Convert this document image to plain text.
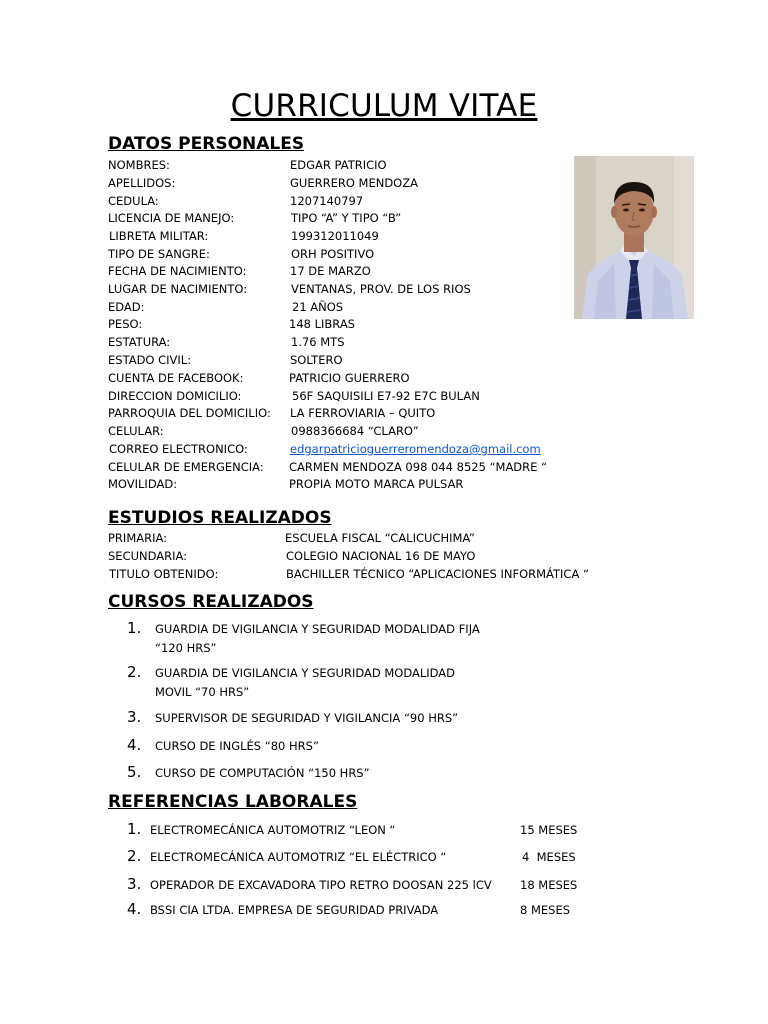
CURRICULUM VITAE
DATOS PERSONALES
NOMBRES:	EDGAR PATRICIO
APELLIDOS:	GUERRERO MENDOZA
CEDULA:	1207140797
LICENCIA DE MANEJO:	TIPO “A” Y TIPO “B”
LIBRETA MILITAR:	199312011049
TIPO DE SANGRE:	ORH POSITIVO
FECHA DE NACIMIENTO:	17 DE MARZO
LUGAR DE NACIMIENTO:	VENTANAS, PROV. DE LOS RIOS
EDAD:	21 AÑOS
PESO:	148 LIBRAS
ESTATURA:	1.76 MTS
ESTADO CIVIL:	SOLTERO
CUENTA DE FACEBOOK:	PATRICIO GUERRERO
DIRECCION DOMICILIO:	56F SAQUISILI E7-92 E7C BULAN
PARROQUIA DEL DOMICILIO: LA FERROVIARIA – QUITO
CELULAR:	0988366684 “CLARO”
CORREO ELECTRONICO:	edgarpatricioguerreromendoza@gmail.com
CELULAR DE EMERGENCIA: CARMEN MENDOZA 098 044 8525 “MADRE “
MOVILIDAD:	PROPIA MOTO MARCA PULSAR
ESTUDIOS REALIZADOS
PRIMARIA:	ESCUELA FISCAL “CALICUCHIMA”
SECUNDARIA:	COLEGIO NACIONAL 16 DE MAYO
TITULO OBTENIDO:	BACHILLER TÉCNICO “APLICACIONES INFORMÁTICA “
CURSOS REALIZADOS
1. GUARDIA DE VIGILANCIA Y SEGURIDAD MODALIDAD FIJA
“120 HRS”
2. GUARDIA DE VIGILANCIA Y SEGURIDAD MODALIDAD
MOVIL “70 HRS”
3. SUPERVISOR DE SEGURIDAD Y VIGILANCIA “90 HRS”
4. CURSO DE INGLÉS “80 HRS”
5. CURSO DE COMPUTACIÓN “150 HRS”
REFERENCIAS LABORALES
1. ELECTROMECÁNICA AUTOMOTRIZ “LEON “	15 MESES
2. ELECTROMECÁNICA AUTOMOTRIZ “EL ELÉCTRICO “	4  MESES
3. OPERADOR DE EXCAVADORA TIPO RETRO DOOSAN 225 lCV 18 MESES
4. BSSI CIA LTDA. EMPRESA DE SEGURIDAD PRIVADA	8 MESES
